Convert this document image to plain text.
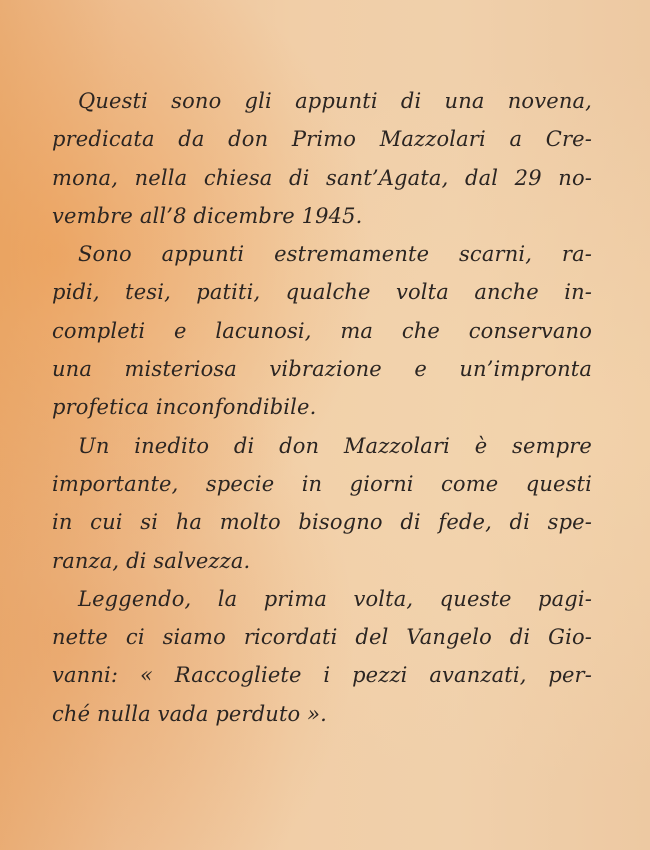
Questi sono gli appunti di una novena,
predicata da don Primo Mazzolari a Cre-
mona, nella chiesa di sant’Agata, dal 29 no-
vembre all’8 dicembre 1945.
Sono appunti estremamente scarni, ra-
pidi, tesi, patiti, qualche volta anche in-
completi e lacunosi, ma che conservano
una misteriosa vibrazione e un’impronta
profetica inconfondibile.
Un inedito di don Mazzolari è sempre
importante, specie in giorni come questi
in cui si ha molto bisogno di fede, di spe-
ranza, di salvezza.
Leggendo, la prima volta, queste pagi-
nette ci siamo ricordati del Vangelo di Gio-
vanni: « Raccogliete i pezzi avanzati, per-
ché nulla vada perduto ».
